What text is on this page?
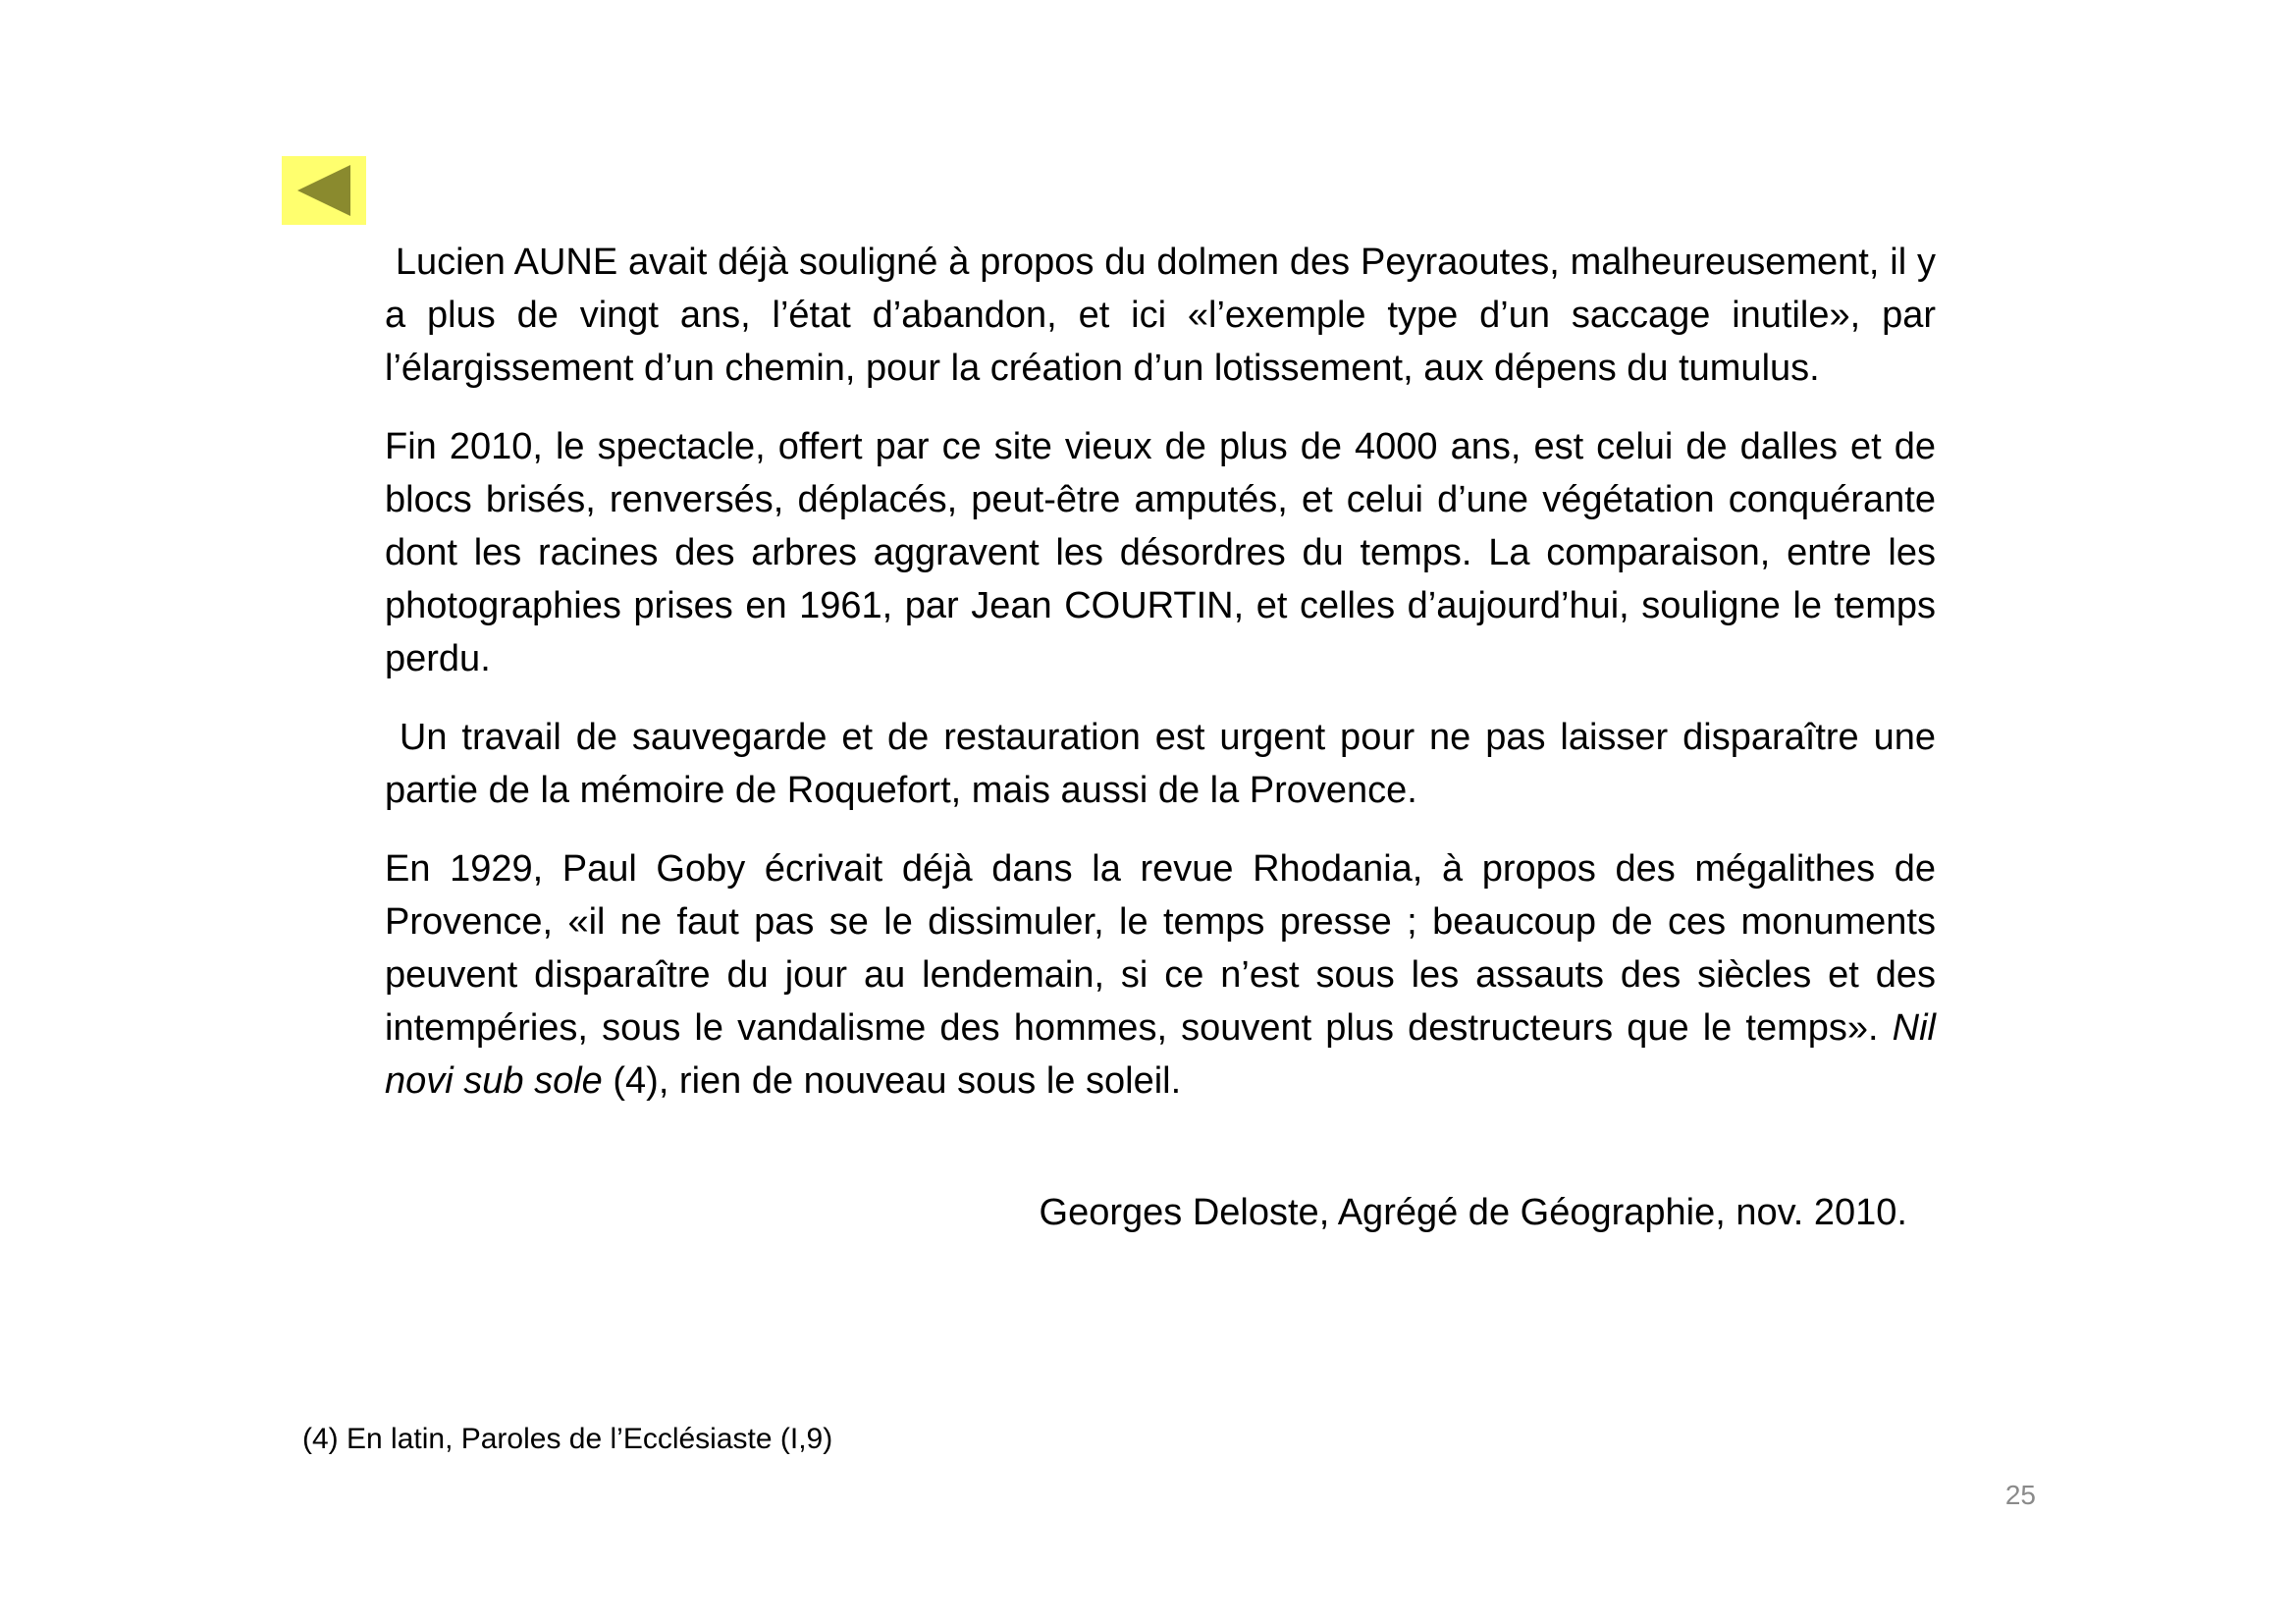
Lucien AUNE avait déjà souligné à propos du dolmen des Peyraoutes, malheureusement, il y a plus de vingt ans, l’état d’abandon, et ici «l’exemple type d’un saccage inutile», par l’élargissement d’un chemin, pour la création d’un lotissement, aux dépens du tumulus.

Fin 2010, le spectacle, offert par ce site vieux de plus de 4000 ans, est celui de dalles et de blocs brisés, renversés, déplacés, peut-être amputés, et celui d’une végétation conquérante dont les racines des arbres aggravent les désordres du temps. La comparaison, entre les photographies prises en 1961, par Jean COURTIN, et celles d’aujourd’hui, souligne le temps perdu.

Un travail de sauvegarde et de restauration est urgent pour ne pas laisser disparaître une partie de la mémoire de Roquefort, mais aussi de la Provence.

En 1929, Paul Goby écrivait déjà dans la revue Rhodania, à propos des mégalithes de Provence, «il ne faut pas se le dissimuler, le temps presse ; beaucoup de ces monuments peuvent disparaître du jour au lendemain, si ce n’est sous les assauts des siècles et des intempéries, sous le vandalisme des hommes, souvent plus destructeurs que le temps». Nil novi sub sole (4), rien de nouveau sous le soleil.

Georges Deloste, Agrégé de Géographie, nov. 2010.
(4) En latin, Paroles de l’Ecclésiaste (I,9)
25
